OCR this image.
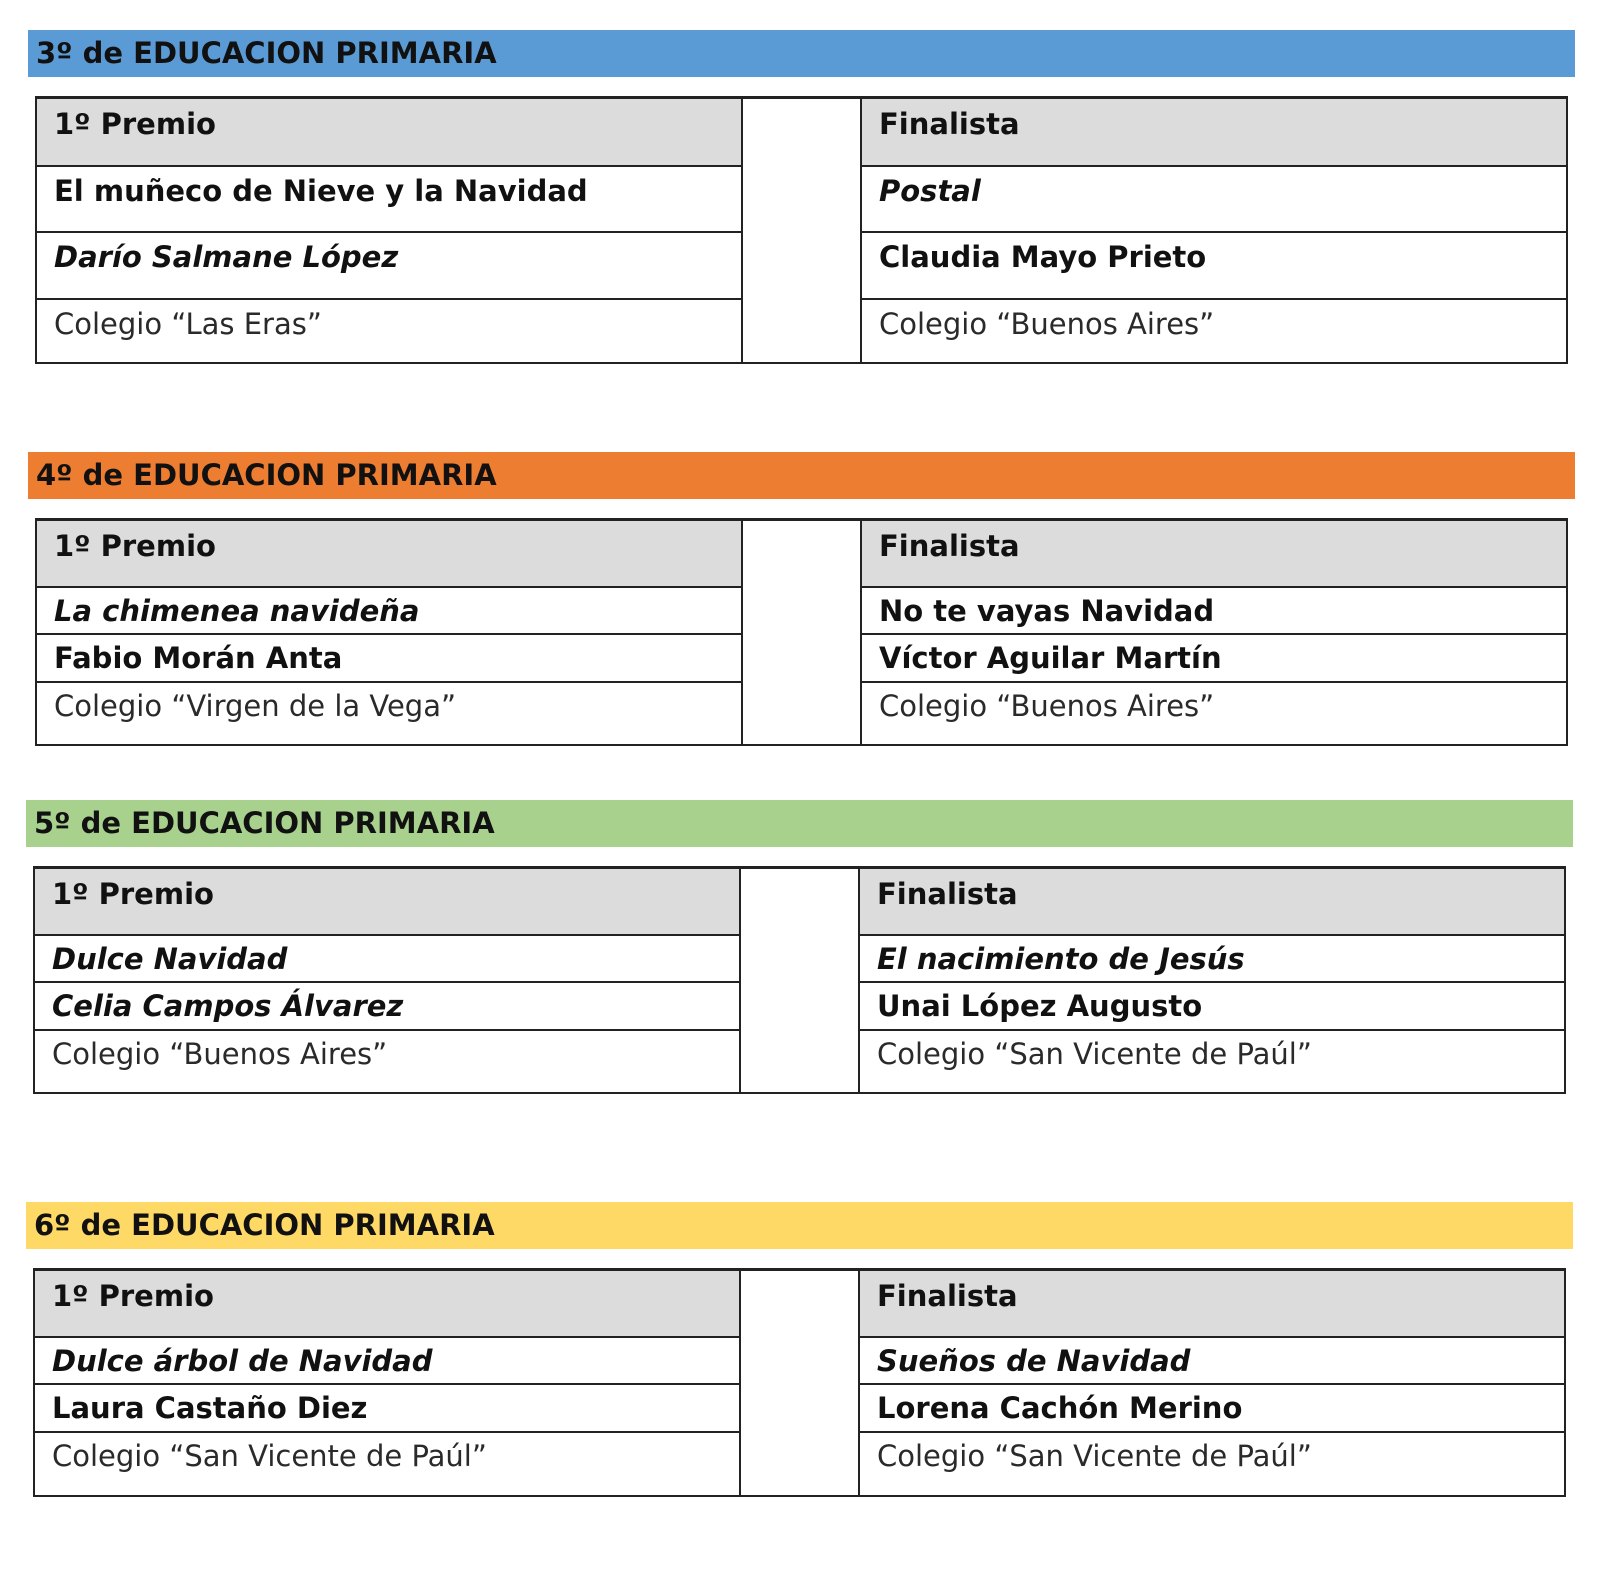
3º de EDUCACION PRIMARIA
1º Premio
El muñeco de Nieve y la Navidad
Darío Salmane López
Colegio “Las Eras”
Finalista
Postal
Claudia Mayo Prieto
Colegio “Buenos Aires”
4º de EDUCACION PRIMARIA
1º Premio
La chimenea navideña
Fabio Morán Anta
Colegio “Virgen de la Vega”
Finalista
No te vayas Navidad
Víctor Aguilar Martín
Colegio “Buenos Aires”
5º de EDUCACION PRIMARIA
1º Premio
Dulce Navidad
Celia Campos Álvarez
Colegio “Buenos Aires”
Finalista
El nacimiento de Jesús
Unai López Augusto
Colegio “San Vicente de Paúl”
6º de EDUCACION PRIMARIA
1º Premio
Dulce árbol de Navidad
Laura Castaño Diez
Colegio “San Vicente de Paúl”
Finalista
Sueños de Navidad
Lorena Cachón Merino
Colegio “San Vicente de Paúl”
